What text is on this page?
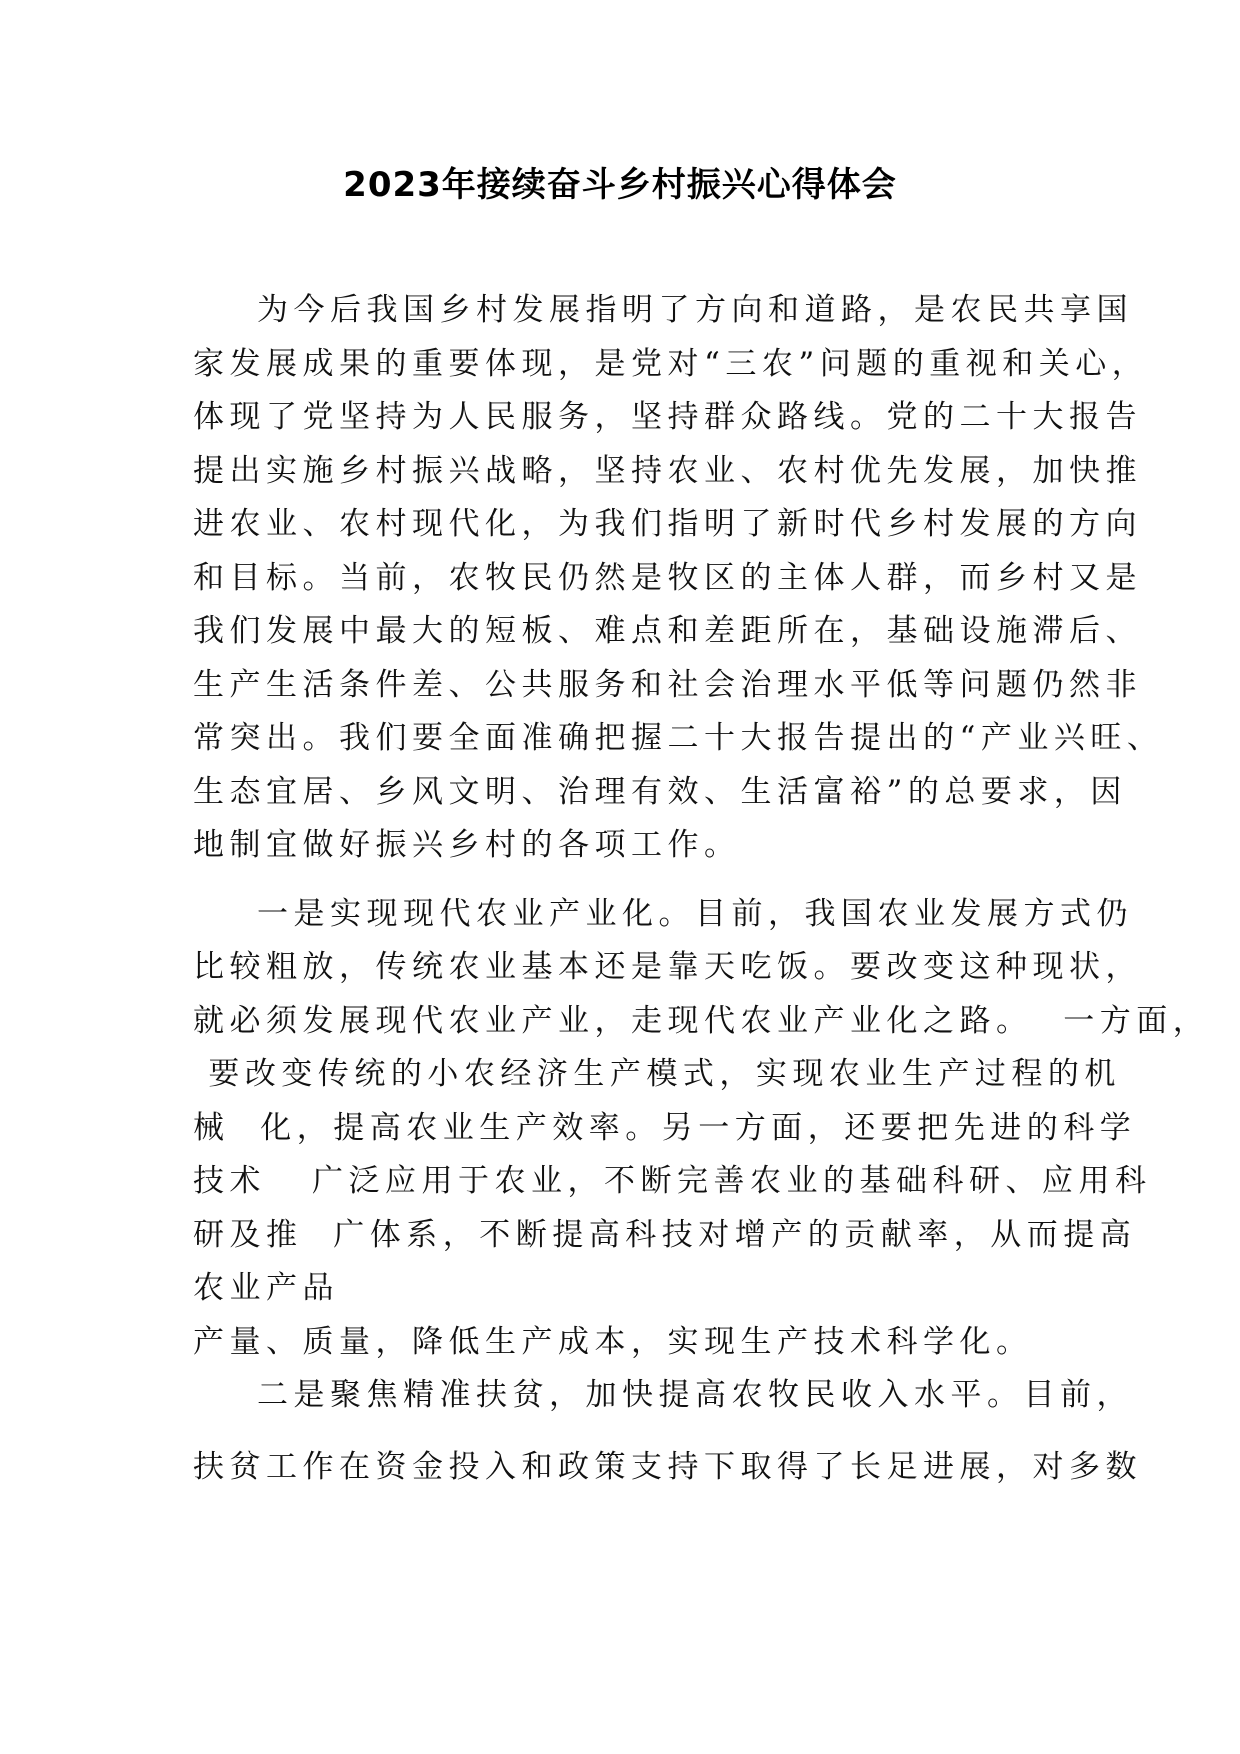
2023年接续奋斗乡村振兴心得体会
为今后我国乡村发展指明了方向和道路，是农民共享国
家发展成果的重要体现，是党对“三农”问题的重视和关心，
体现了党坚持为人民服务，坚持群众路线。党的二十大报告
提出实施乡村振兴战略，坚持农业、农村优先发展，加快推
进农业、农村现代化，为我们指明了新时代乡村发展的方向
和目标。当前，农牧民仍然是牧区的主体人群，而乡村又是
我们发展中最大的短板、难点和差距所在，基础设施滞后、
生产生活条件差、公共服务和社会治理水平低等问题仍然非
常突出。我们要全面准确把握二十大报告提出的“产业兴旺、
生态宜居、乡风文明、治理有效、生活富裕”的总要求，因
地制宜做好振兴乡村的各项工作。
一是实现现代农业产业化。目前，我国农业发展方式仍
比较粗放，传统农业基本还是靠天吃饭。要改变这种现状，
就必须发展现代农业产业，走现代农业产业化之路。  一方面，
要改变传统的小农经济生产模式，实现农业生产过程的机
械  化，提高农业生产效率。另一方面，还要把先进的科学
技术   广泛应用于农业，不断完善农业的基础科研、应用科
研及推  广体系，不断提高科技对增产的贡献率，从而提高
农业产品
产量、质量，降低生产成本，实现生产技术科学化。
二是聚焦精准扶贫，加快提高农牧民收入水平。目前，
扶贫工作在资金投入和政策支持下取得了长足进展，对多数
